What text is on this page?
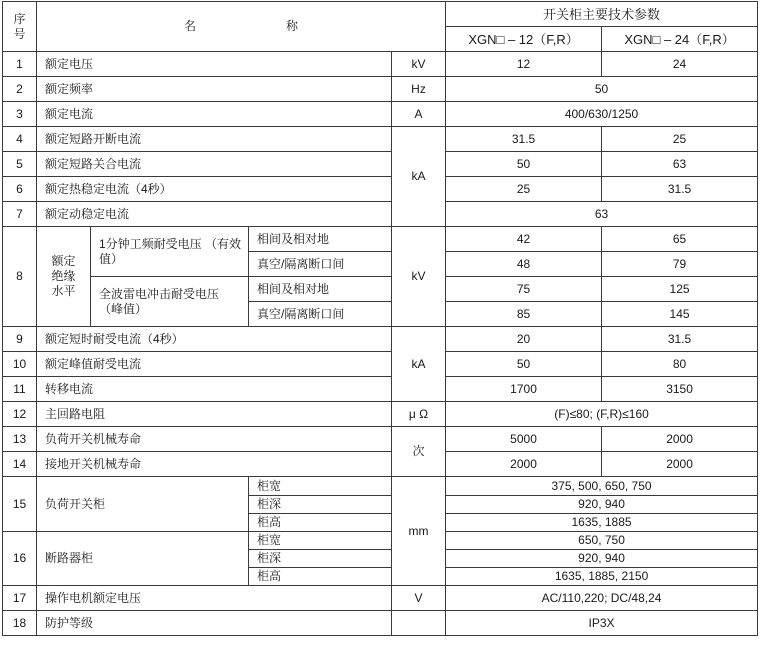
序
号	名 称				开关柜主要技术参数	
					XGN□ – 12（F,R）	XGN□ – 24（F,R）
1	额定电压			kV	12	24
2	额定频率			Hz	50	
3	额定电流			A	400/630/1250	
4	额定短路开断电流			kA	31.5	25
5	额定短路关合电流				50	63
6	额定热稳定电流（4秒）				25	31.5
7	额定动稳定电流				63	
8	额定
绝缘
水平	1分钟工频耐受电压 （有效值）	相间及相对地	kV	42	65
			真空/隔离断口间		48	79
		全波雷电冲击耐受电压 （峰值）	相间及相对地		75	125
			真空/隔离断口间		85	145
9	额定短时耐受电流（4秒）			kA	20	31.5
10	额定峰值耐受电流				50	80
11	转移电流				1700	3150
12	主回路电阻			μ Ω	(F)≤80; (F,R)≤160	
13	负荷开关机械寿命			次	5000	2000
14	接地开关机械寿命				2000	2000
15	负荷开关柜		柜宽	mm	375, 500, 650, 750	
			柜深		920, 940	
			柜高		1635, 1885	
16	断路器柜		柜宽		650, 750	
			柜深		920, 940	
			柜高		1635, 1885, 2150	
17	操作电机额定电压			V	AC/110,220; DC/48,24	
18	防护等级				IP3X	
